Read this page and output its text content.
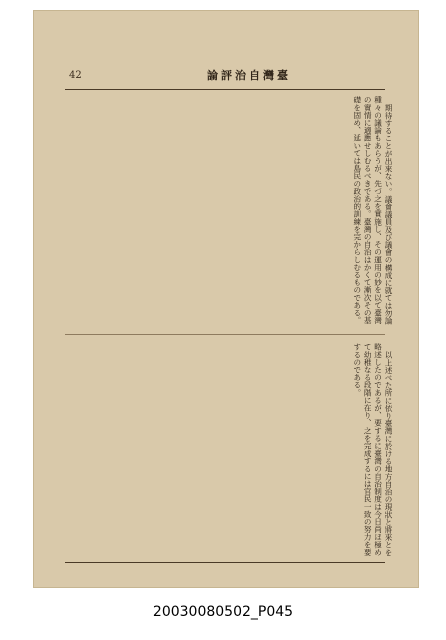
42	論評治自灣臺

期待することが出來ない。議會議員及び議會の構成に就ては勿論種々の議論もあらうが、先づ之を實施し、その運用の妙を以て臺灣の實情に適應せしむるべきである。臺灣の自治はかくて漸次その基礎を固め、延いては島民の政治的訓練を完からしむるものである。

以上述べた所に依り臺灣に於ける地方自治の現狀と將來とを略述したのであるが、要するに臺灣の自治制度は今日尚ほ極めて幼稚なる段階に在り、之を完成するには官民一致の努力を要するのである。

20030080502_P045
